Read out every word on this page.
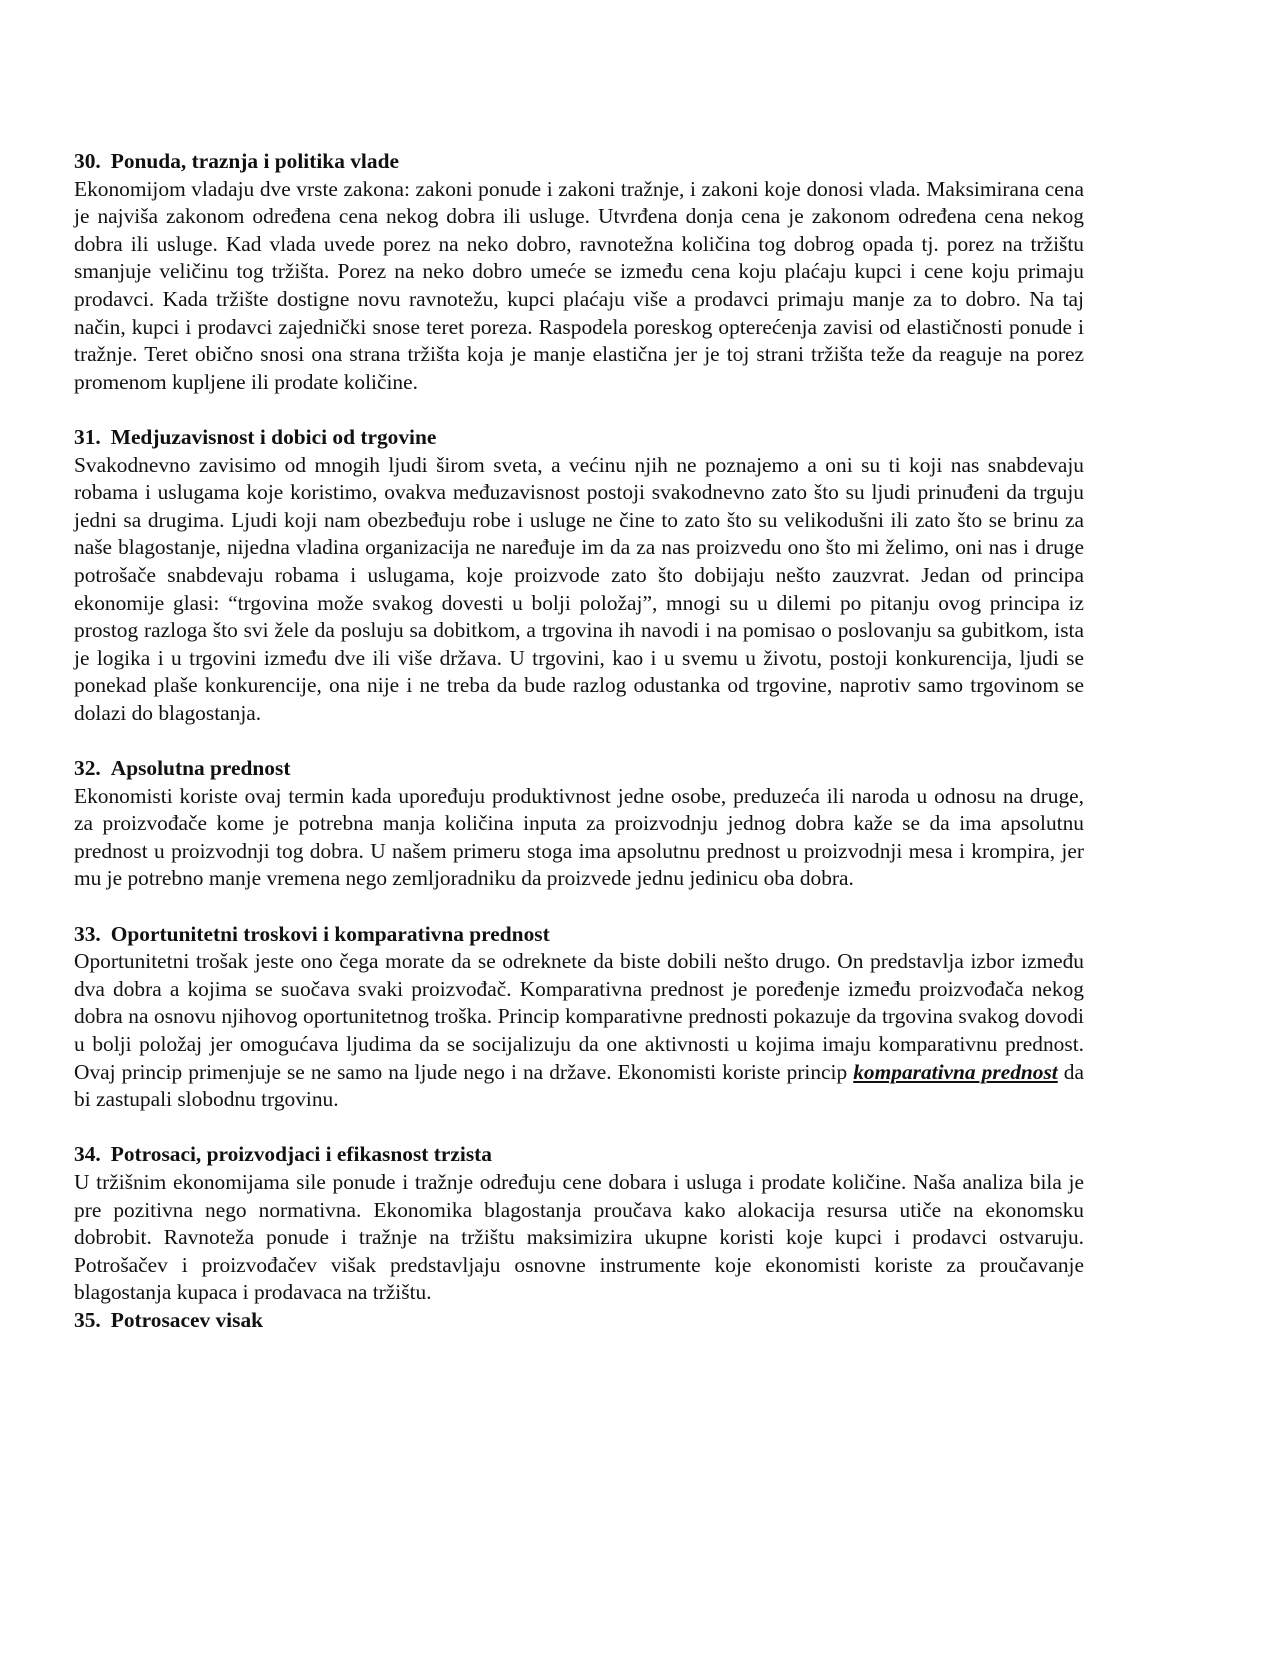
30. Ponuda, traznja i politika vlade

Ekonomijom vladaju dve vrste zakona: zakoni ponude i zakoni tražnje, i zakoni koje donosi vlada. Maksimirana cena je najviša zakonom određena cena nekog dobra ili usluge. Utvrđena donja cena je zakonom određena cena nekog dobra ili usluge. Kad vlada uvede porez na neko dobro, ravnotežna količina tog dobrog opada tj. porez na tržištu smanjuje veličinu tog tržišta. Porez na neko dobro umeće se između cena koju plaćaju kupci i cene koju primaju prodavci. Kada tržište dostigne novu ravnotežu, kupci plaćaju više a prodavci primaju manje za to dobro. Na taj način, kupci i prodavci zajednički snose teret poreza. Raspodela poreskog opterećenja zavisi od elastičnosti ponude i tražnje. Teret obično snosi ona strana tržišta koja je manje elastična jer je toj strani tržišta teže da reaguje na porez promenom kupljene ili prodate količine.

31. Medjuzavisnost i dobici od trgovine

Svakodnevno zavisimo od mnogih ljudi širom sveta, a većinu njih ne poznajemo a oni su ti koji nas snabdevaju robama i uslugama koje koristimo, ovakva međuzavisnost postoji svakodnevno zato što su ljudi prinuđeni da trguju jedni sa drugima. Ljudi koji nam obezbeđuju robe i usluge ne čine to zato što su velikodušni ili zato što se brinu za naše blagostanje, nijedna vladina organizacija ne naređuje im da za nas proizvedu ono što mi želimo, oni nas i druge potrošače snabdevaju robama i uslugama, koje proizvode zato što dobijaju nešto zauzvrat. Jedan od principa ekonomije glasi: “trgovina može svakog dovesti u bolji položaj”, mnogi su u dilemi po pitanju ovog principa iz prostog razloga što svi žele da posluju sa dobitkom, a trgovina ih navodi i na pomisao o poslovanju sa gubitkom, ista je logika i u trgovini između dve ili više država. U trgovini, kao i u svemu u životu, postoji konkurencija, ljudi se ponekad plaše konkurencije, ona nije i ne treba da bude razlog odustanka od trgovine, naprotiv samo trgovinom se dolazi do blagostanja.

32. Apsolutna prednost

Ekonomisti koriste ovaj termin kada upoređuju produktivnost jedne osobe, preduzeća ili naroda u odnosu na druge, za proizvođače kome je potrebna manja količina inputa za proizvodnju jednog dobra kaže se da ima apsolutnu prednost u proizvodnji tog dobra. U našem primeru stoga ima apsolutnu prednost u proizvodnji mesa i krompira, jer mu je potrebno manje vremena nego zemljoradniku da proizvede jednu jedinicu oba dobra.

33. Oportunitetni troskovi i komparativna prednost

Oportunitetni trošak jeste ono čega morate da se odreknete da biste dobili nešto drugo. On predstavlja izbor između dva dobra a kojima se suočava svaki proizvođač. Komparativna prednost je poređenje između proizvođača nekog dobra na osnovu njihovog oportunitetnog troška. Princip komparativne prednosti pokazuje da trgovina svakog dovodi u bolji položaj jer omogućava ljudima da se socijalizuju da one aktivnosti u kojima imaju komparativnu prednost. Ovaj princip primenjuje se ne samo na ljude nego i na države. Ekonomisti koriste princip komparativna prednost da bi zastupali slobodnu trgovinu.

34. Potrosaci, proizvodjaci i efikasnost trzista

U tržišnim ekonomijama sile ponude i tražnje određuju cene dobara i usluga i prodate količine. Naša analiza bila je pre pozitivna nego normativna. Ekonomika blagostanja proučava kako alokacija resursa utiče na ekonomsku dobrobit. Ravnoteža ponude i tražnje na tržištu maksimizira ukupne koristi koje kupci i prodavci ostvaruju. Potrošačev i proizvođačev višak predstavljaju osnovne instrumente koje ekonomisti koriste za proučavanje blagostanja kupaca i prodavaca na tržištu.

35. Potrosacev visak
